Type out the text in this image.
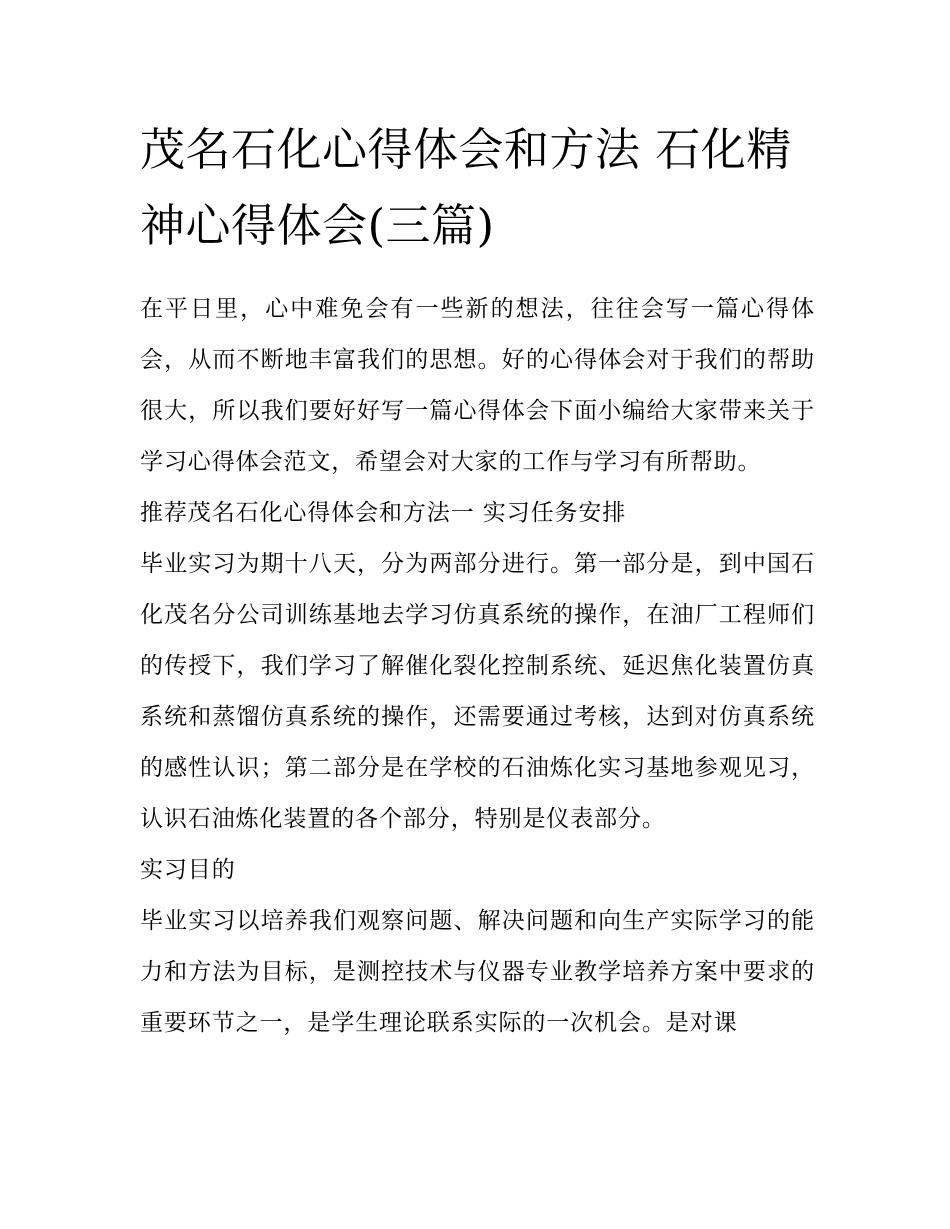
茂名石化心得体会和方法 石化精神心得体会(三篇)

在平日里，心中难免会有一些新的想法，往往会写一篇心得体会，从而不断地丰富我们的思想。好的心得体会对于我们的帮助很大，所以我们要好好写一篇心得体会下面小编给大家带来关于学习心得体会范文，希望会对大家的工作与学习有所帮助。

推荐茂名石化心得体会和方法一 实习任务安排

毕业实习为期十八天，分为两部分进行。第一部分是，到中国石化茂名分公司训练基地去学习仿真系统的操作，在油厂工程师们的传授下，我们学习了解催化裂化控制系统、延迟焦化装置仿真系统和蒸馏仿真系统的操作，还需要通过考核，达到对仿真系统的感性认识；第二部分是在学校的石油炼化实习基地参观见习，认识石油炼化装置的各个部分，特别是仪表部分。

实习目的

毕业实习以培养我们观察问题、解决问题和向生产实际学习的能力和方法为目标，是测控技术与仪器专业教学培养方案中要求的重要环节之一，是学生理论联系实际的一次机会。是对课
